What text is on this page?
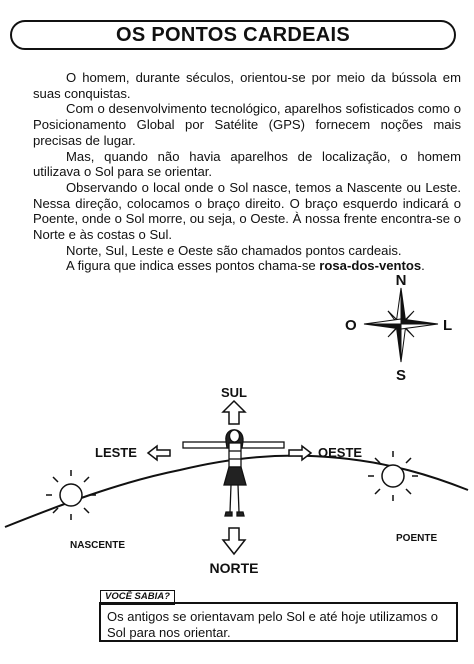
OS PONTOS CARDEAIS

O homem, durante séculos, orientou-se por meio da bússola em suas conquistas.

Com o desenvolvimento tecnológico, aparelhos sofisticados como o Posicionamento Global por Satélite (GPS) fornecem noções mais precisas de lugar.

Mas, quando não havia aparelhos de localização, o homem utilizava o Sol para se orientar.

Observando o local onde o Sol nasce, temos a Nascente ou Leste. Nessa direção, colocamos o braço direito. O braço esquerdo indicará o Poente, onde o Sol morre, ou seja, o Oeste. À nossa frente encontra-se o Norte e às costas o Sul.

Norte, Sul, Leste e Oeste são chamados pontos cardeais.

A figura que indica esses pontos chama-se rosa-dos-ventos.

N
S
L
O
SUL
NORTE
LESTE	OESTE
NASCENTE
POENTE
VOCÊ SABIA?
Os antigos se orientavam pelo Sol e até hoje utilizamos o Sol para nos orientar.
